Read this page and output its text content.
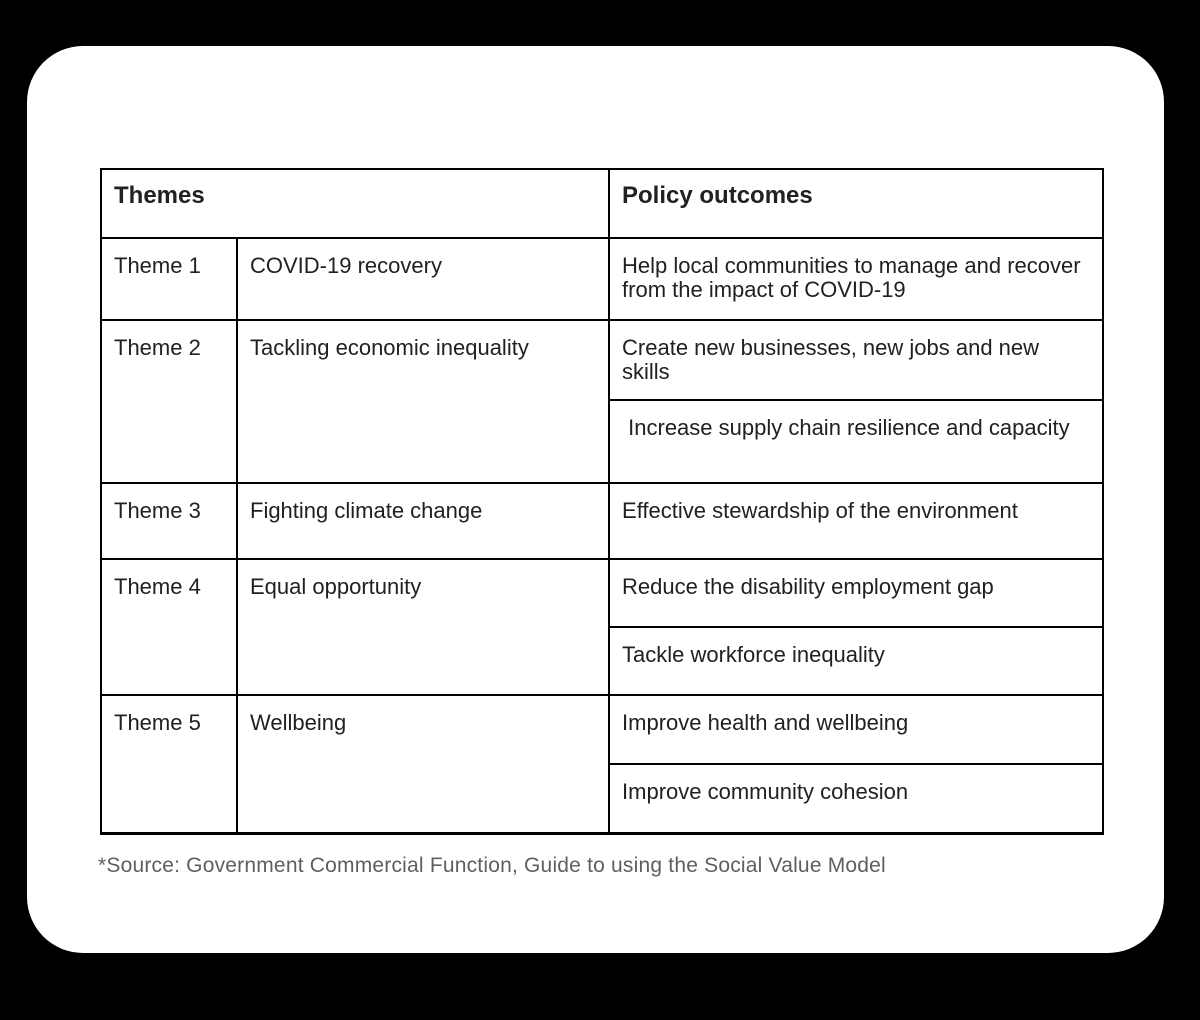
Themes		Policy outcomes
Theme 1	COVID-19 recovery	Help local communities to manage and recover from the impact of COVID-19
Theme 2	Tackling economic inequality	Create new businesses, new jobs and new skills
		Increase supply chain resilience and capacity
Theme 3	Fighting climate change	Effective stewardship of the environment
Theme 4	Equal opportunity	Reduce the disability employment gap
		Tackle workforce inequality
Theme 5	Wellbeing	Improve health and wellbeing
		Improve community cohesion
*Source: Government Commercial Function, Guide to using the Social Value Model
